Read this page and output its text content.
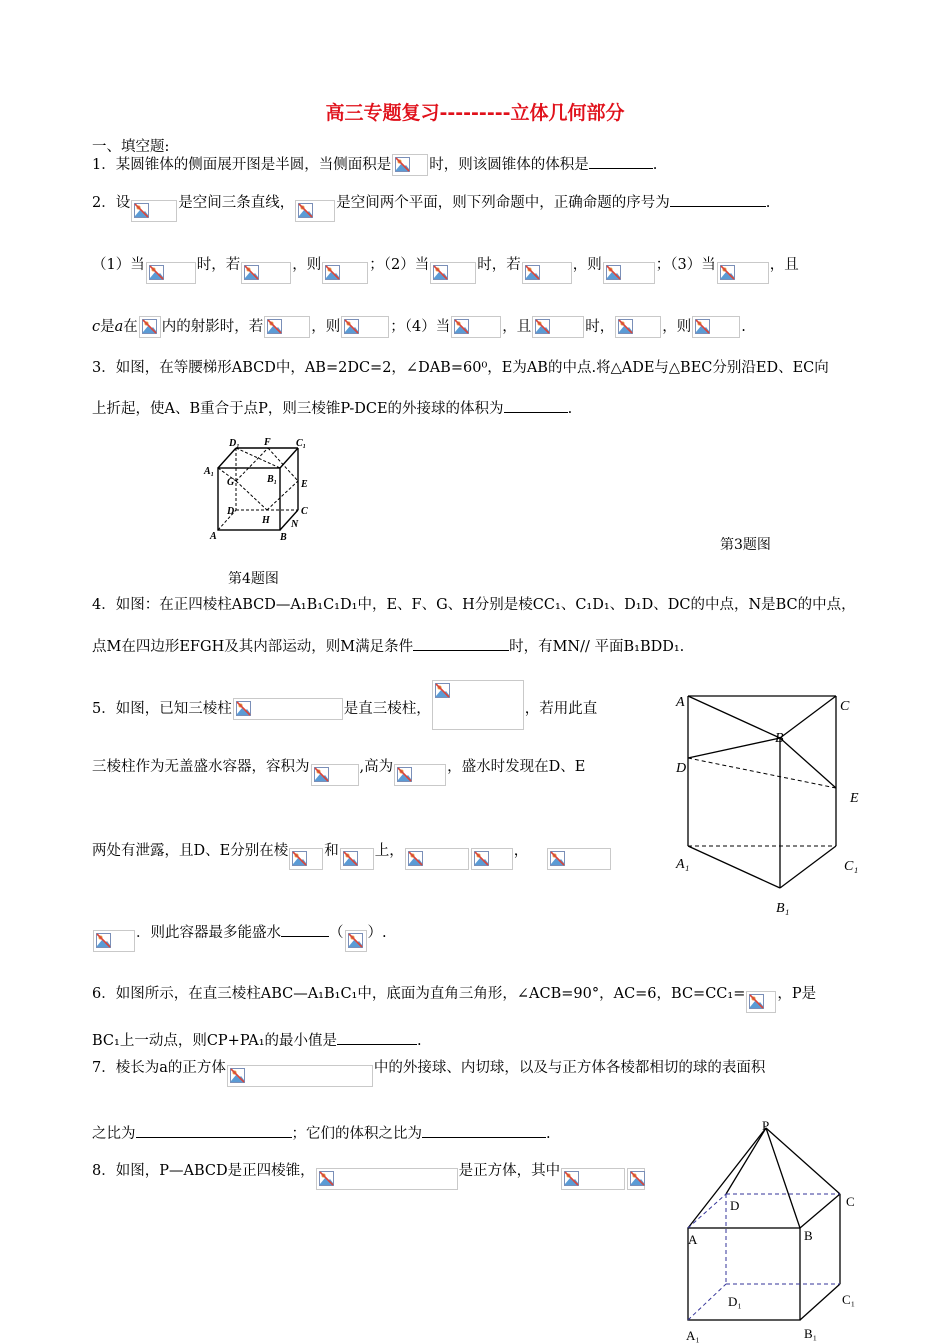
高三专题复习---------立体几何部分
一、填空题:
1．某圆锥体的侧面展开图是半圆，当侧面积是	时，则该圆锥体的体积是	.
2．设	是空间三条直线，	是空间两个平面，则下列命题中，正确命题的序号为	.
（1）当	时，若	，则	；（2）当	时，若	，则	；（3）当	，且
c是a在 内的射影时，若	，则	；（4）当	，且	时，	，则	.
3．如图，在等腰梯形ABCD中，AB=2DC=2，∠DAB=60⁰，E为AB的中点.将△ADE与△BEC分别沿ED、EC向
上折起，使A、B重合于点P，则三棱锥P-DCE的外接球的体积为	.
D₁ F	C₁
A₁
G	B₁ E
D	C
H
A
N
B	第3题图
第4题图
4．如图：在正四棱柱ABCD—A₁B₁C₁D₁中，E、F、G、H分别是棱CC₁、C₁D₁、D₁D、DC的中点，N是BC的中点，
点M在四边形EFGH及其内部运动，则M满足条件	时，有MN// 平面B₁BDD₁.
5．如图，已知三棱柱	是直三棱柱，	，若用此直
三棱柱作为无盖盛水容器，容积为	,高为	，盛水时发现在D、E
两处有泄露，且D、E分别在棱 和 上，	，
．则此容器最多能盛水	（ ）.
A	C
B
D
E
A₁	C₁
B₁
6．如图所示，在直三棱柱ABC—A₁B₁C₁中，底面为直角三角形，∠ACB=90°，AC=6，BC=CC₁= ，P是
BC₁上一动点，则CP+PA₁的最小值是	.
7．棱长为a的正方体	中的外接球、内切球，以及与正方体各棱都相切的球的表面积
之比为	；它们的体积之比为	.
8．如图，P—ABCD是正四棱锥，	是正方体，其中
P
D	C
A	B
D₁	C₁
A₁	B₁
